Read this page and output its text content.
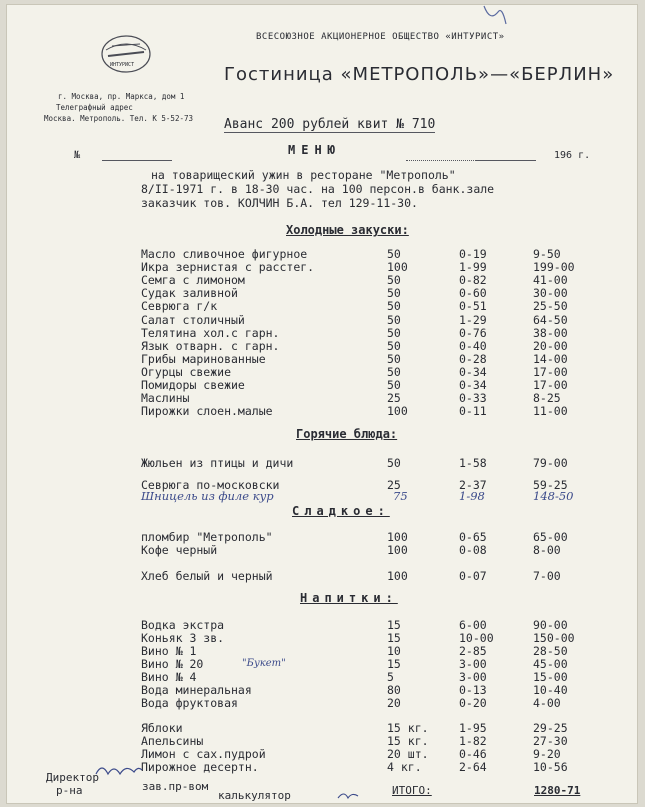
ИНТУРИСТ
ВСЕСОЮЗНОЕ АКЦИОНЕРНОЕ ОБЩЕСТВО «ИНТУРИСТ»
Гостиница «МЕТРОПОЛЬ»—«БЕРЛИН»
г. Москва, пр. Маркса, дом 1
Телеграфный адрес
Москва. Метрополь. Тел. К 5-52-73 Аванс 200 рублей квит № 710
№	МЕНЮ	196 г.
на товарищеский ужин в ресторане "Метрополь"
8/II-1971 г. в 18-30 час. на 100 персон.в банк.зале
заказчик тов. КОЛЧИН Б.А. тел 129-11-30.
Холодные закуски:
Масло сливочное фигурное	50	0-19	9-50
Икра зернистая с расстег.	100	1-99	199-00
Семга с лимоном	50	0-82	41-00
Судак заливной	50	0-60	30-00
Севрюга г/к	50	0-51	25-50
Салат столичный	50	1-29	64-50
Телятина хол.с гарн.	50	0-76	38-00
Язык отварн. с гарн.	50	0-40	20-00
Грибы маринованные	50	0-28	14-00
Огурцы свежие	50	0-34	17-00
Помидоры свежие	50	0-34	17-00
Маслины	25	0-33	8-25
Пирожки слоен.малые	100	0-11	11-00
Горячие блюда:
Жюльен из птицы и дичи	50	1-58	79-00
Севрюга по-московски	25	2-37	59-25
Шницель из филе кур	75	1-98	148-50
Сладкое:
пломбир "Метрополь"	100	0-65	65-00
Кофе черный	100	0-08	8-00
Хлеб белый и черный	100	0-07	7-00
Напитки:
Водка экстра	15	6-00	90-00
Коньяк 3 зв.	15	10-00	150-00
Вино № 1	10	2-85	28-50
Вино № 20	15	3-00	45-00
Вино № 4	5	3-00	15-00
Вода минеральная	80	0-13	10-40
Вода фруктовая	20	0-20	4-00
"Букет"
Яблоки	15 кг.	1-95	29-25
Апельсины	15 кг.	1-82	27-30
Лимон с сах.пудрой	20 шт.	0-46	9-20
Пирожное десертн.	4 кг.	2-64	10-56
Директор
р-на	зав.пр-вом
калькулятор	ИТОГО:	1280-71
